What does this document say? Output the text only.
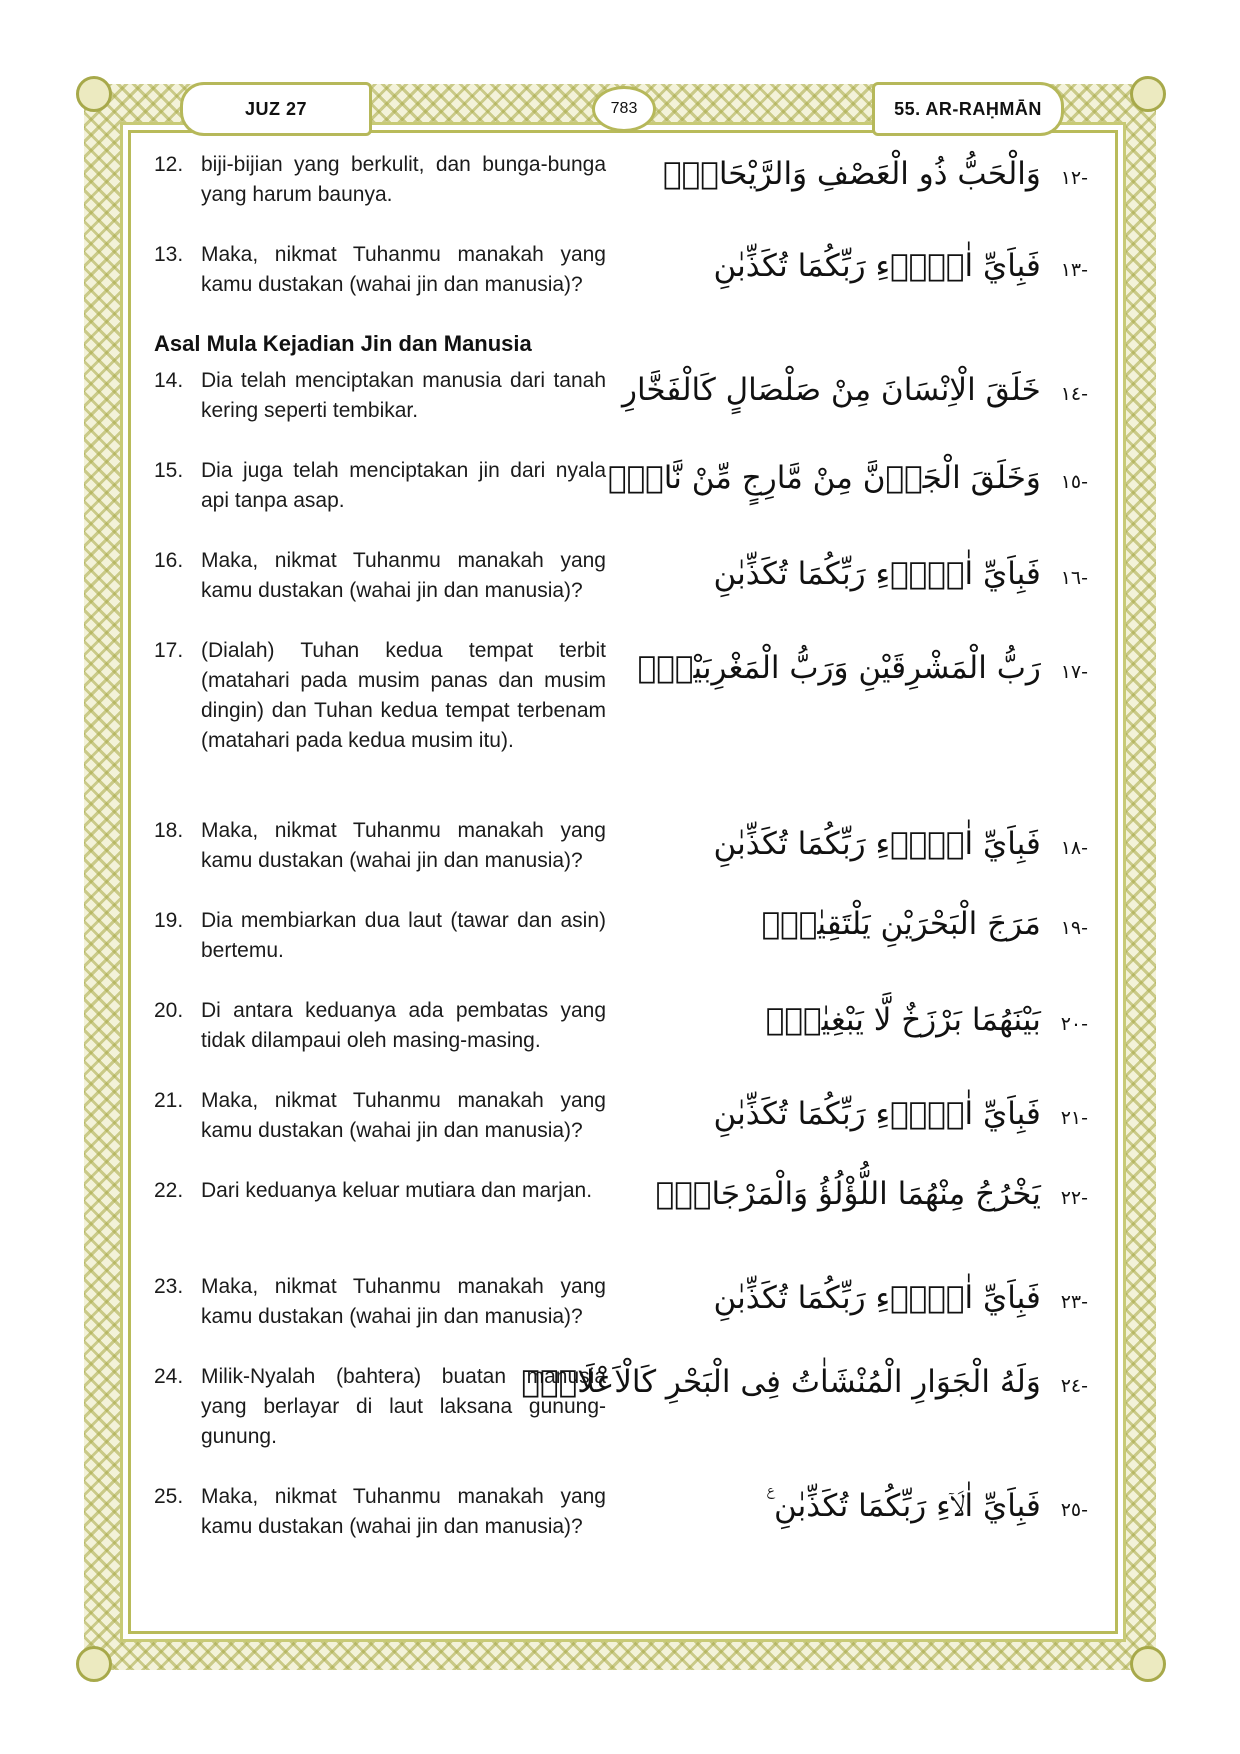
JUZ 27	783	55. AR-RAḤMĀN
12. biji-bijian yang berkulit, dan bunga-bunga yang harum baunya.
-١٢ وَالْحَبُّ ذُو الْعَصْفِ وَالرَّيْحَانُۚ
13. Maka, nikmat Tuhanmu manakah yang kamu dustakan (wahai jin dan manusia)?
-١٣ فَبِاَيِّ اٰلَاۤءِ رَبِّكُمَا تُكَذِّبٰنِ
Asal Mula Kejadian Jin dan Manusia
14. Dia telah menciptakan manusia dari tanah kering seperti tembikar.
-١٤ خَلَقَ الْاِنْسَانَ مِنْ صَلْصَالٍ كَالْفَخَّارِ
15. Dia juga telah menciptakan jin dari nyala api tanpa asap.
-١٥ وَخَلَقَ الْجَاۤنَّ مِنْ مَّارِجٍ مِّنْ نَّارٍۚ
16. Maka, nikmat Tuhanmu manakah yang kamu dustakan (wahai jin dan manusia)?
-١٦ فَبِاَيِّ اٰلَاۤءِ رَبِّكُمَا تُكَذِّبٰنِ
17. (Dialah) Tuhan kedua tempat terbit (matahari pada musim panas dan musim dingin) dan Tuhan kedua tempat terbenam (matahari pada kedua musim itu).
-١٧ رَبُّ الْمَشْرِقَيْنِ وَرَبُّ الْمَغْرِبَيْنِۚ
18. Maka, nikmat Tuhanmu manakah yang kamu dustakan (wahai jin dan manusia)?
-١٨ فَبِاَيِّ اٰلَاۤءِ رَبِّكُمَا تُكَذِّبٰنِ
19. Dia membiarkan dua laut (tawar dan asin) bertemu.
-١٩ مَرَجَ الْبَحْرَيْنِ يَلْتَقِيٰنِۙ
20. Di antara keduanya ada pembatas yang tidak dilampaui oleh masing-masing.
-٢٠ بَيْنَهُمَا بَرْزَخٌ لَّا يَبْغِيٰنِۚ
21. Maka, nikmat Tuhanmu manakah yang kamu dustakan (wahai jin dan manusia)?
-٢١ فَبِاَيِّ اٰلَاۤءِ رَبِّكُمَا تُكَذِّبٰنِ
22. Dari keduanya keluar mutiara dan marjan.	-٢٢ يَخْرُجُ مِنْهُمَا اللُّؤْلُؤُ وَالْمَرْجَانُۚ
23. Maka, nikmat Tuhanmu manakah yang kamu dustakan (wahai jin dan manusia)?
-٢٣ فَبِاَيِّ اٰلَاۤءِ رَبِّكُمَا تُكَذِّبٰنِ
24. Milik-Nyalah (bahtera) buatan manusia yang berlayar di laut laksana gunung-gunung.
-٢٤ وَلَهُ الْجَوَارِ الْمُنْشَاٰتُ فِى الْبَحْرِ كَالْاَعْلَامِۚ
25. Maka, nikmat Tuhanmu manakah yang kamu dustakan (wahai jin dan manusia)?
-٢٥ فَبِاَيِّ اٰلَاۤءِ رَبِّكُمَا تُكَذِّبٰنِ ࣖ
